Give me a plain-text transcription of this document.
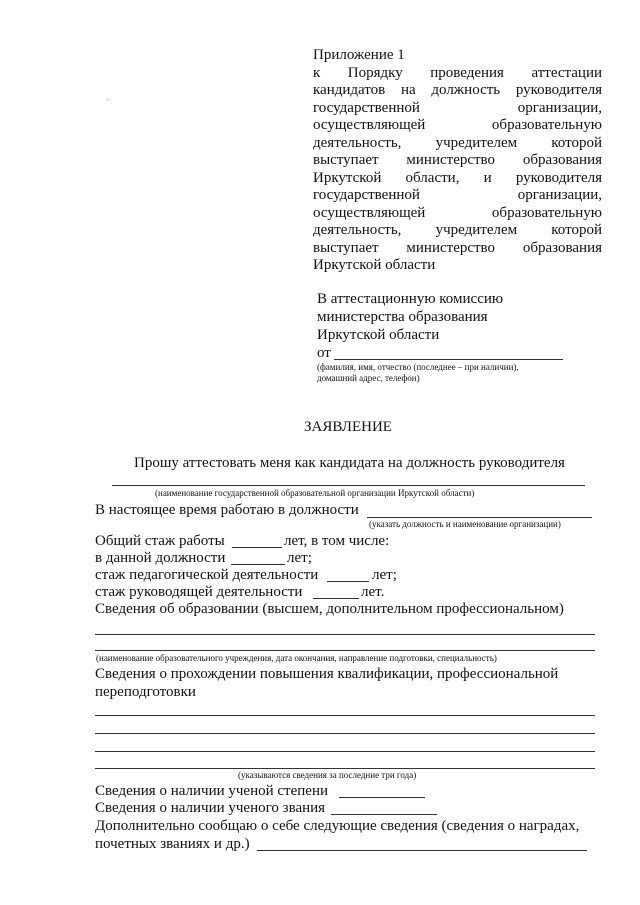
Приложение 1
к Порядку проведения аттестации
кандидатов на должность руководителя
государственной организации,
осуществляющей образовательную
деятельность, учредителем которой
выступает министерство образования
Иркутской области, и руководителя
государственной организации,
осуществляющей образовательную
деятельность, учредителем которой
выступает министерство образования
Иркутской области
В аттестационную комиссию
министерства образования
Иркутской области
от
(фамилия, имя, отчество (последнее – при наличии),
домашний адрес, телефон)
ЗАЯВЛЕНИЕ
Прошу аттестовать меня как кандидата на должность руководителя
(наименование государственной образовательной организации Иркутской области)
В настоящее время работаю в должности
(указать должность и наименование организации)
Общий стаж работы	лет, в том числе:
в данной должности	лет;
стаж педагогической деятельности	лет;
стаж руководящей деятельности	лет.
Сведения об образовании (высшем, дополнительном профессиональном)
(наименование образовательного учреждения, дата окончания, направление подготовки, специальность)
Сведения о прохождении повышения квалификации, профессиональной
переподготовки
(указываются сведения за последние три года)
Сведения о наличии ученой степени
Сведения о наличии ученого звания
Дополнительно сообщаю о себе следующие сведения (сведения о наградах,
почетных званиях и др.)
